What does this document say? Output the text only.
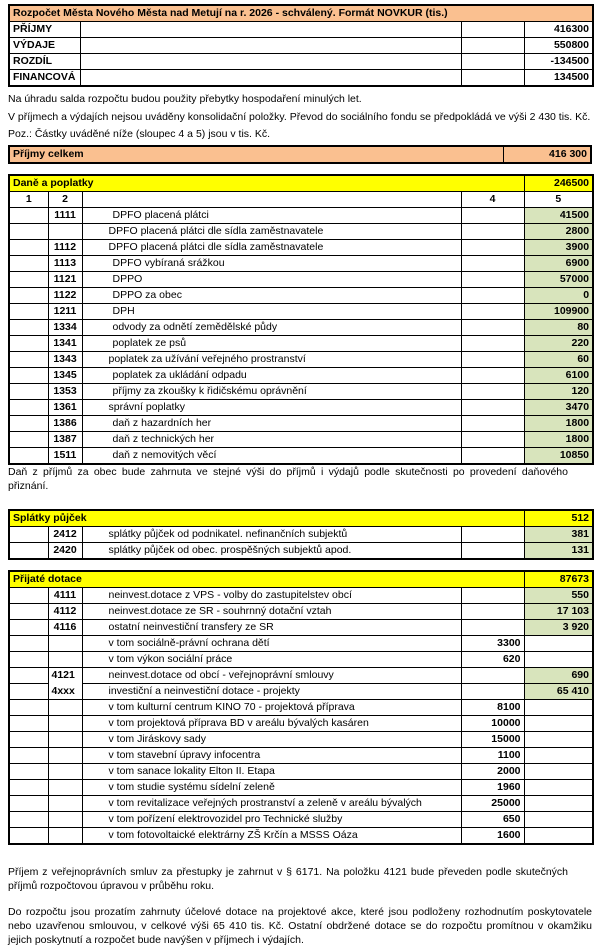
Rozpočet Města Nového Města nad Metují na r. 2026 - schválený. Formát NOVKUR (tis.)			
PŘÍJMY			416300
VÝDAJE			550800
ROZDÍL			-134500
FINANCOVÁ			134500

Na úhradu salda rozpočtu budou použity přebytky hospodaření minulých let.

V příjmech a výdajích nejsou uváděny konsolidační položky. Převod do sociálního fondu se předpokládá ve výši 2 430 tis. Kč.

Poz.: Částky uváděné níže (sloupec 4 a 5) jsou v tis. Kč.

Příjmy celkem	416 300
Daně a poplatky				246500
1	2		4	5
	1111	DPFO placená plátci		41500
		DPFO placená plátci dle sídla zaměstnavatele		2800
	1112	DPFO placená plátci dle sídla zaměstnavatele		3900
	1113	DPFO vybíraná srážkou		6900
	1121	DPPO		57000
	1122	DPPO za obec		0
	1211	DPH		109900
	1334	odvody za odnětí zemědělské půdy		80
	1341	poplatek ze psů		220
	1343	poplatek za užívání veřejného prostranství		60
	1345	poplatek za ukládání odpadu		6100
	1353	příjmy za zkoušky k řidičskému oprávnění		120
	1361	správní poplatky		3470
	1386	daň z hazardních her		1800
	1387	daň z technických her		1800
	1511	daň z nemovitých věcí		10850

Daň z příjmů za obec bude zahrnuta ve stejné výši do příjmů i výdajů podle skutečnosti po provedení daňového přiznání.

Splátky půjček				512
	2412	splátky půjček od podnikatel. nefinančních subjektů		381
	2420	splátky půjček od obec. prospěšných subjektů apod.		131
Přijaté dotace				87673
	4111	neinvest.dotace z VPS - volby do zastupitelstev obcí		550
	4112	neinvest.dotace ze SR - souhrnný dotační vztah		17 103
	4116	ostatní neinvestiční transfery ze SR		3 920
		v tom sociálně-právní ochrana dětí	3300	
		v tom výkon sociální práce	620	
	4121	neinvest.dotace od obcí - veřejnoprávní smlouvy		690
	4xxx	investiční a neinvestiční dotace - projekty		65 410
		v tom kulturní centrum KINO 70 - projektová příprava	8100	
		v tom projektová příprava BD v areálu bývalých kasáren	10000	
		v tom Jiráskovy sady	15000	
		v tom stavební úpravy infocentra	1100	
		v tom sanace lokality Elton II. Etapa	2000	
		v tom studie systému sídelní zeleně	1960	
		v tom revitalizace veřejných prostranství a zeleně v areálu bývalých	25000	
		v tom pořízení elektrovozidel pro Technické služby	650	
		v tom fotovoltaické elektrárny ZŠ Krčín a MSSS Oáza	1600	

Příjem z veřejnoprávních smluv za přestupky je zahrnut v § 6171. Na položku 4121 bude převeden podle skutečných příjmů rozpočtovou úpravou v průběhu roku.

Do rozpočtu jsou prozatím zahrnuty účelové dotace na projektové akce, které jsou podloženy rozhodnutím poskytovatele nebo uzavřenou smlouvou, v celkové výši 65 410 tis. Kč. Ostatní obdržené dotace se do rozpočtu promítnou v okamžiku jejich poskytnutí a rozpočet bude navýšen v příjmech i výdajích.
